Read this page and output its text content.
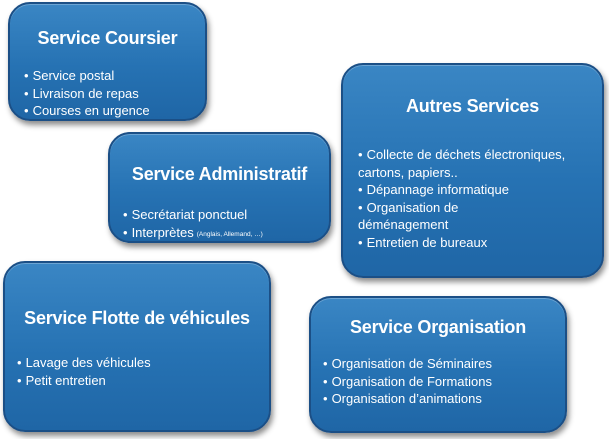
Service Coursier
• Service postal
• Livraison de repas
• Courses en urgence	Autres Services
• Collecte de déchets électroniques, cartons, papiers..
• Dépannage informatique
• Organisation de déménagement
• Entretien de bureaux
Service Administratif
• Secrétariat ponctuel
• Interprètes (Anglais, Allemand, …)
Service Flotte de véhicules
• Lavage des véhicules
• Petit entretien
Service Organisation
• Organisation de Séminaires
• Organisation de Formations
• Organisation d’animations
